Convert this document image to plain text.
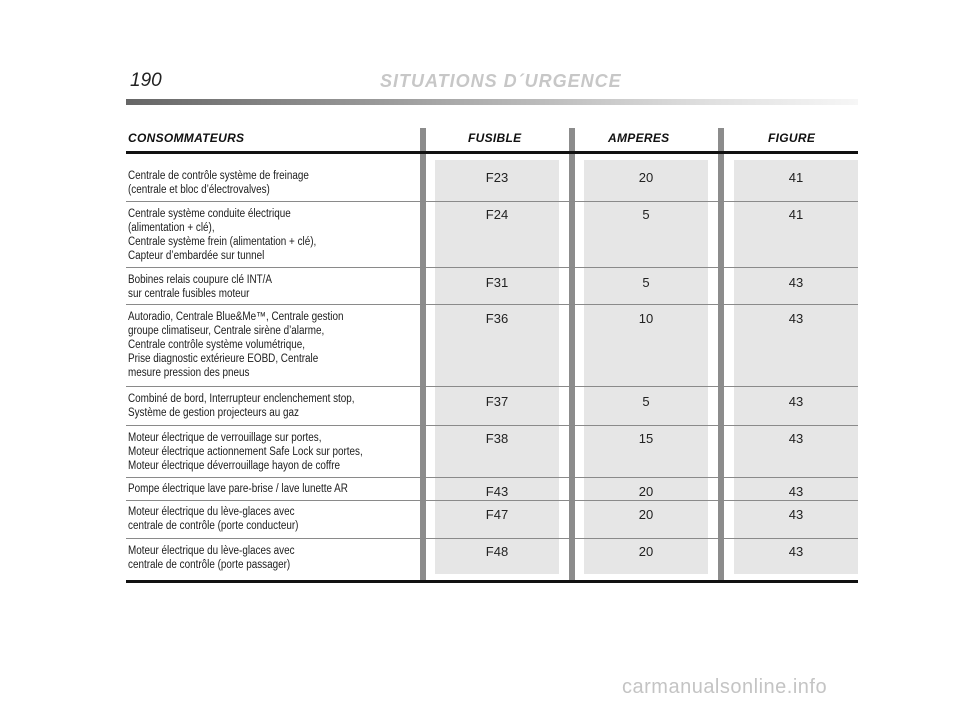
190	SITUATIONS D´URGENCE
CONSOMMATEURS	FUSIBLE	AMPERES	FIGURE
Centrale de contrôle système de freinage
(centrale et bloc d’électrovalves)
F23	20	41
Centrale système conduite électrique
(alimentation + clé),
Centrale système frein (alimentation + clé),
Capteur d’embardée sur tunnel
F24	5	41
Bobines relais coupure clé INT/A
sur centrale fusibles moteur
F31	5	43
Autoradio, Centrale Blue&Me™, Centrale gestion
groupe climatiseur, Centrale sirène d’alarme,
Centrale contrôle système volumétrique,
Prise diagnostic extérieure EOBD, Centrale
mesure pression des pneus
F36	10	43
Combiné de bord, Interrupteur enclenchement stop,
Système de gestion projecteurs au gaz
F37	5	43
Moteur électrique de verrouillage sur portes,
Moteur électrique actionnement Safe Lock sur portes,
Moteur électrique déverrouillage hayon de coffre
F38	15	43
Pompe électrique lave pare-brise / lave lunette AR	F43	20	43
Moteur électrique du lève-glaces avec
centrale de contrôle (porte conducteur)
F47	20	43
Moteur électrique du lève-glaces avec
centrale de contrôle (porte passager)
F48	20	43
carmanualsonline.info
